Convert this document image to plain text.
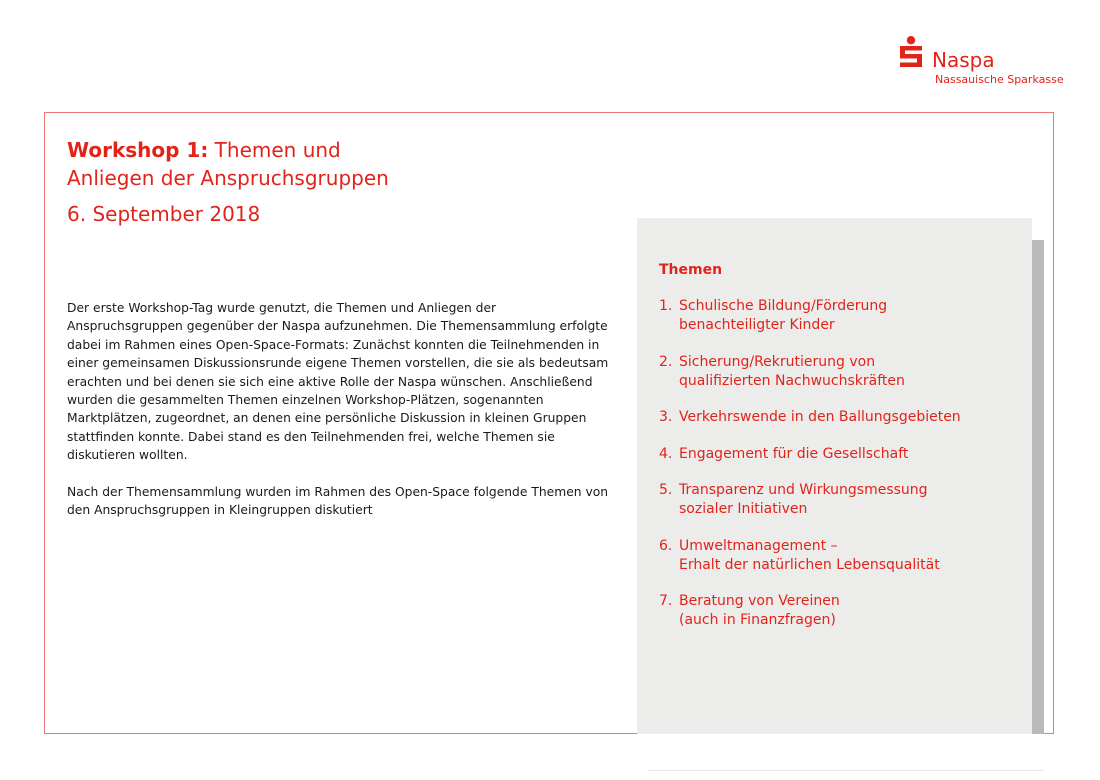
Naspa
Nassauische Sparkasse
Workshop 1: Themen und
Anliegen der Anspruchsgruppen
6. September 2018

Der erste Workshop-Tag wurde genutzt, die Themen und Anliegen der Anspruchsgruppen gegenüber der Naspa aufzunehmen. Die Themensammlung erfolgte dabei im Rahmen eines Open-Space-Formats: Zunächst konnten die Teilnehmenden in einer gemeinsamen Diskussionsrunde eigene Themen vorstellen, die sie als bedeutsam erachten und bei denen sie sich eine aktive Rolle der Naspa wünschen. Anschließend wurden die gesammelten Themen einzelnen Workshop-Plätzen, sogenannten Marktplätzen, zugeordnet, an denen eine persönliche Diskussion in kleinen Gruppen stattfinden konnte. Dabei stand es den Teilnehmenden frei, welche Themen sie diskutieren wollten.

Nach der Themensammlung wurden im Rahmen des Open-Space folgende Themen von den Anspruchsgruppen in Kleingruppen diskutiert

Themen
1. Schulische Bildung/Förderung
benachteiligter Kinder
2. Sicherung/Rekrutierung von
qualifizierten Nachwuchskräften
3. Verkehrswende in den Ballungsgebieten
4. Engagement für die Gesellschaft
5. Transparenz und Wirkungsmessung
sozialer Initiativen
6. Umweltmanagement –
Erhalt der natürlichen Lebensqualität
7. Beratung von Vereinen
(auch in Finanzfragen)
